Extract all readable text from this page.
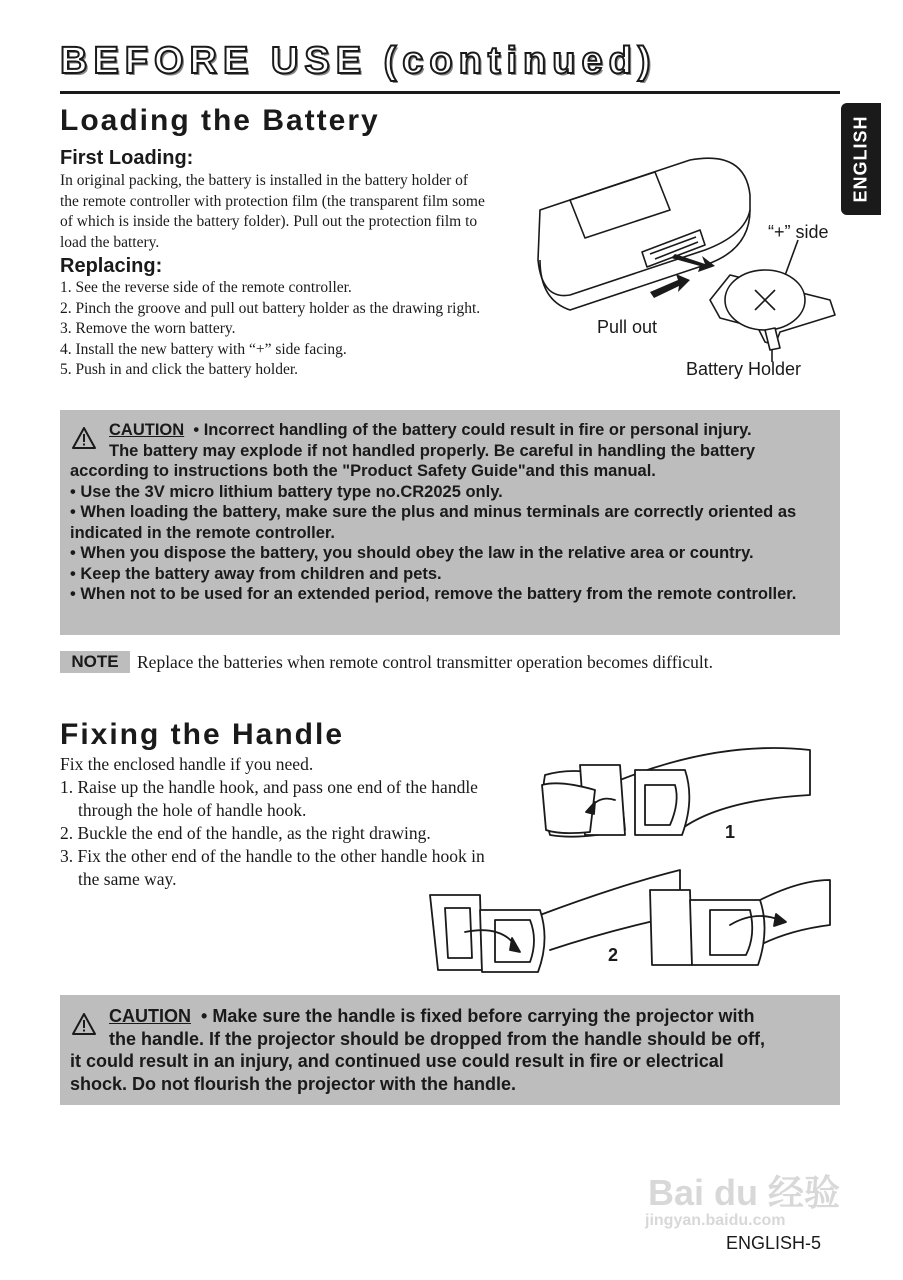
BEFORE USE (continued)
ENGLISH
Loading the Battery
First Loading:
In original packing, the battery is installed in the battery holder of
the remote controller with protection film (the transparent film some
of which is inside the battery folder). Pull out the protection film to
load the battery.
Replacing:
1. See the reverse side of the remote controller.
2. Pinch the groove and pull out battery holder as the drawing right.
3. Remove the worn battery.
4. Install the new battery with “+” side facing.
5. Push in and click the battery holder.
“+” side
Pull out
Battery Holder
CAUTION • Incorrect handling of the battery could result in fire or personal injury.
The battery may explode if not handled properly. Be careful in handling the battery
according to instructions both the "Product Safety Guide"and this manual.
• Use the 3V micro lithium battery type no.CR2025 only.
• When loading the battery, make sure the plus and minus terminals are correctly oriented as
indicated in the remote controller.
• When you dispose the battery, you should obey the law in the relative area or country.
• Keep the battery away from children and pets.
• When not to be used for an extended period, remove the battery from the remote controller.
NOTE	Replace the batteries when remote control transmitter operation becomes difficult.
Fixing the Handle
Fix the enclosed handle if you need.
1. Raise up the handle hook, and pass one end of the handle through the hole of handle hook.
2. Buckle the end of the handle, as the right drawing.
3. Fix the other end of the handle to the other handle hook in the same way.
1
2
CAUTION • Make sure the handle is fixed before carrying the projector with
the handle. If the projector should be dropped from the handle should be off,
it could result in an injury, and continued use could result in fire or electrical
shock. Do not flourish the projector with the handle.
Bai du 经验
jingyan.baidu.com
ENGLISH-5
